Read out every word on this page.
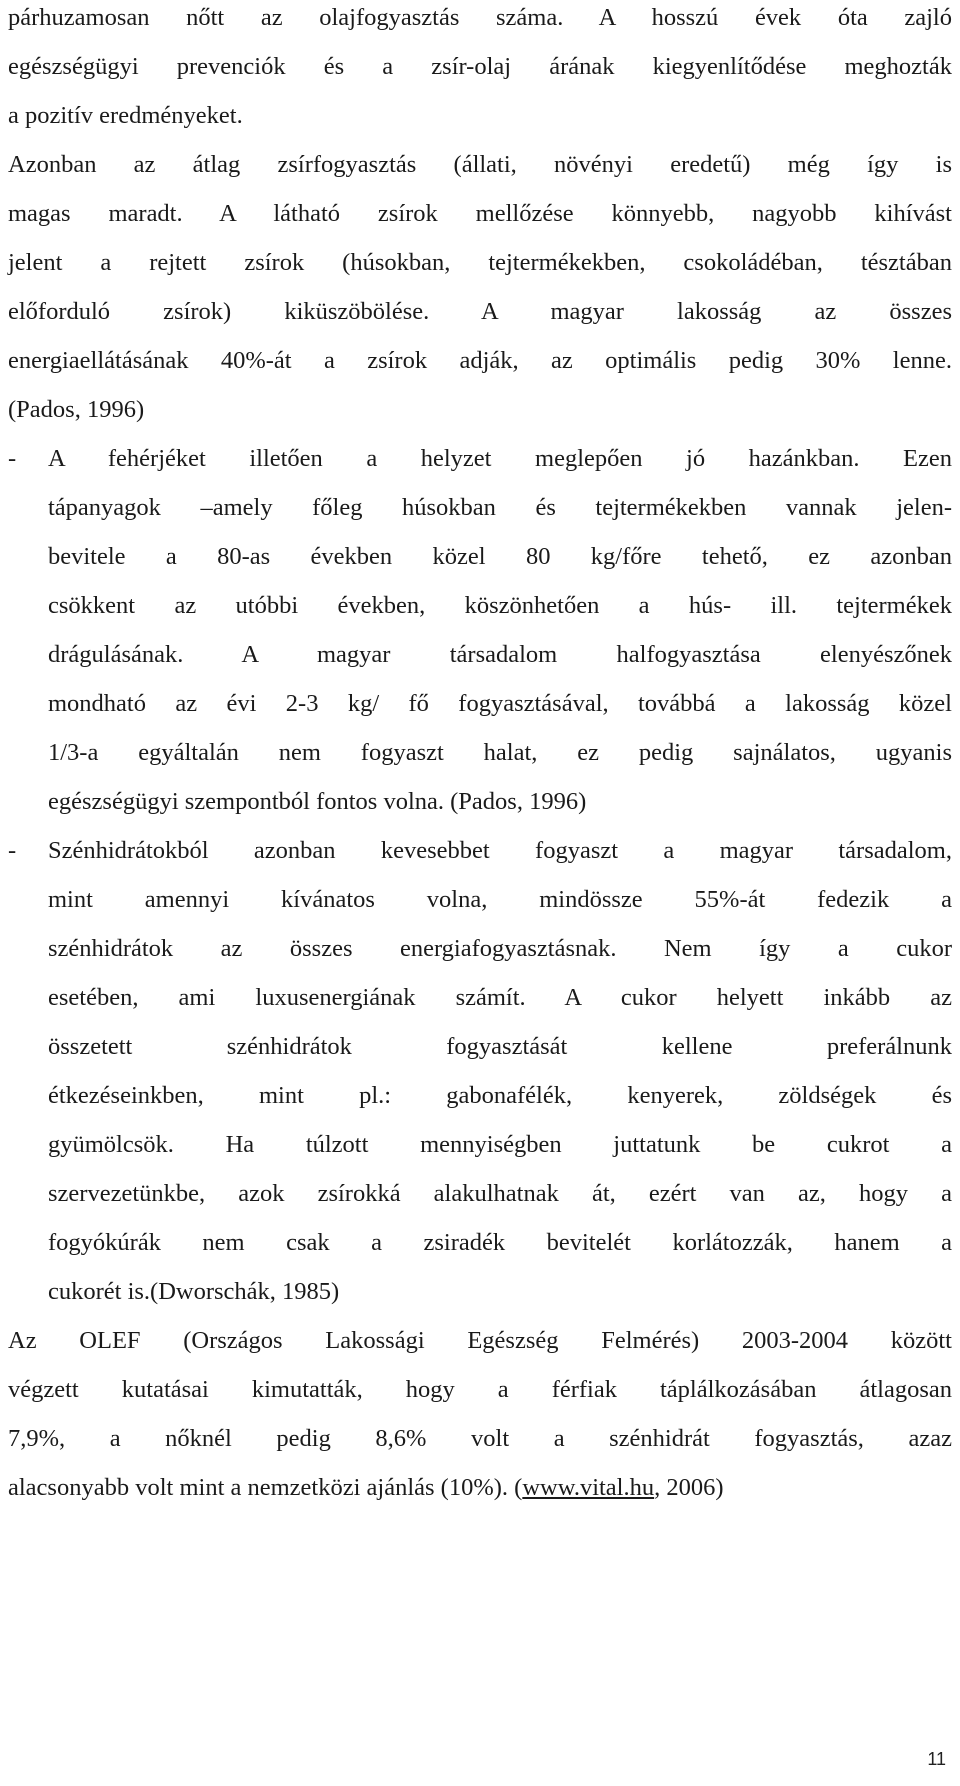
párhuzamosan nőtt az olajfogyasztás száma. A hosszú évek óta zajló
egészségügyi prevenciók és a zsír-olaj árának kiegyenlítődése meghozták
a pozitív eredményeket.
Azonban az átlag zsírfogyasztás (állati, növényi eredetű) még így is
magas maradt. A látható zsírok mellőzése könnyebb, nagyobb kihívást
jelent a rejtett zsírok (húsokban, tejtermékekben, csokoládéban, tésztában
előforduló zsírok) kiküszöbölése. A magyar lakosság az összes
energiaellátásának 40%-át a zsírok adják, az optimális pedig 30% lenne.
(Pados, 1996)
- A fehérjéket illetően a helyzet meglepően jó hazánkban. Ezen
tápanyagok –amely főleg húsokban és tejtermékekben vannak jelen-
bevitele a 80-as években közel 80 kg/főre tehető, ez azonban
csökkent az utóbbi években, köszönhetően a hús- ill. tejtermékek
drágulásának. A magyar társadalom halfogyasztása elenyészőnek
mondható az évi 2-3 kg/ fő fogyasztásával, továbbá a lakosság közel
1/3-a egyáltalán nem fogyaszt halat, ez pedig sajnálatos, ugyanis
egészségügyi szempontból fontos volna. (Pados, 1996)
- Szénhidrátokból azonban kevesebbet fogyaszt a magyar társadalom,
mint amennyi kívánatos volna, mindössze 55%-át fedezik a
szénhidrátok az összes energiafogyasztásnak. Nem így a cukor
esetében, ami luxusenergiának számít. A cukor helyett inkább az
összetett szénhidrátok fogyasztását kellene preferálnunk
étkezéseinkben, mint pl.: gabonafélék, kenyerek, zöldségek és
gyümölcsök. Ha túlzott mennyiségben juttatunk be cukrot a
szervezetünkbe, azok zsírokká alakulhatnak át, ezért van az, hogy a
fogyókúrák nem csak a zsiradék bevitelét korlátozzák, hanem a
cukorét is.(Dworschák, 1985)
Az OLEF (Országos Lakossági Egészség Felmérés) 2003-2004 között
végzett kutatásai kimutatták, hogy a férfiak táplálkozásában átlagosan
7,9%, a nőknél pedig 8,6% volt a szénhidrát fogyasztás, azaz
alacsonyabb volt mint a nemzetközi ajánlás (10%). (www.vital.hu, 2006)
11
